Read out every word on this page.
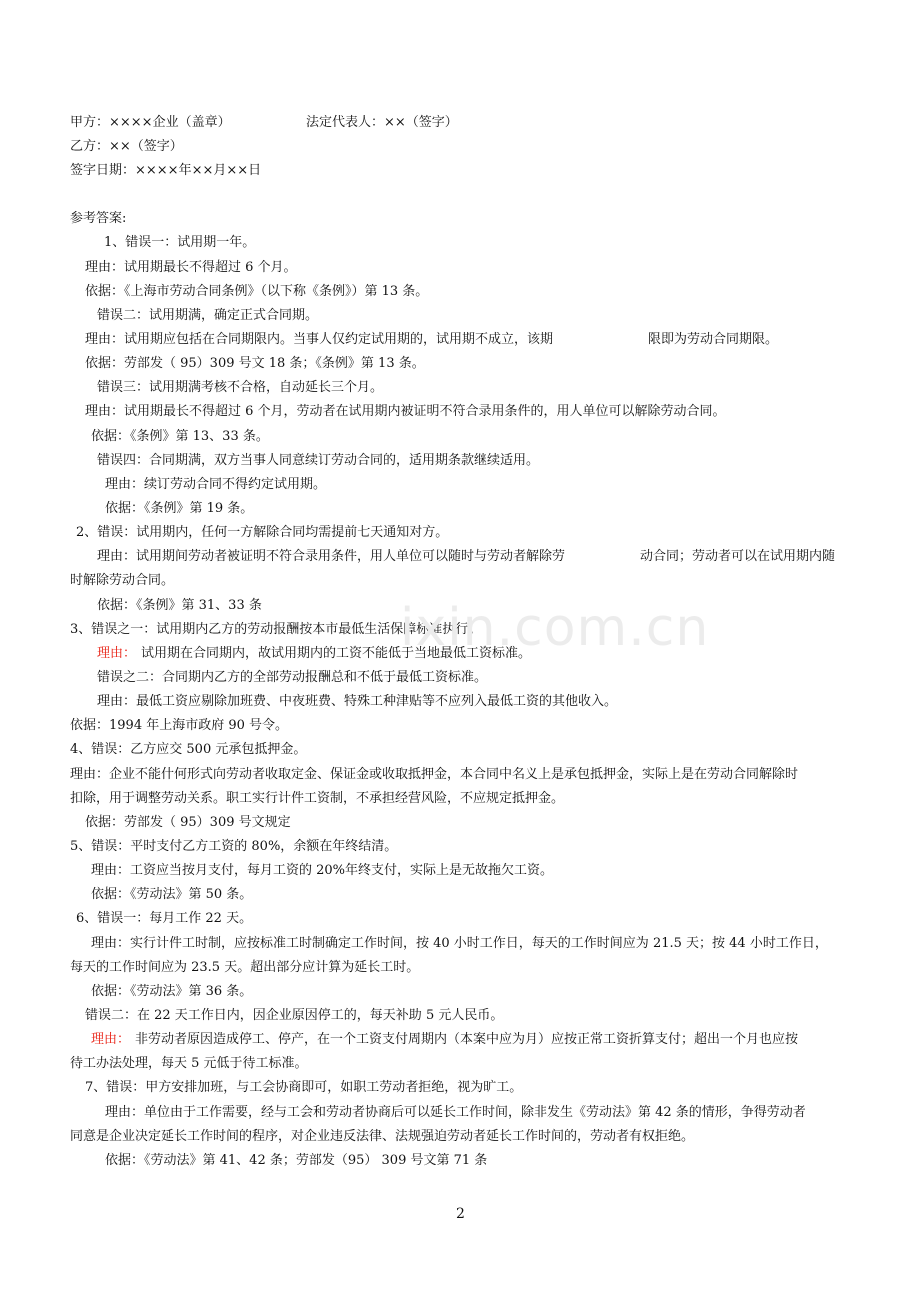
甲方：××××企业（盖章）	法定代表人：××（签字）
乙方：××（签字）
签字日期：××××年××月××日
参考答案:
1、错误一：试用期一年。
理由：试用期最长不得超过 6 个月。
依据：《上海市劳动合同条例》（以下称《条例》）第 13 条。
错误二：试用期满，确定正式合同期。
理由：试用期应包括在合同期限内。当事人仅约定试用期的，试用期不成立，该期	限即为劳动合同期限。
依据：劳部发（ 95）309 号文 18 条；《条例》第 13 条。
错误三：试用期满考核不合格，自动延长三个月。
理由：试用期最长不得超过 6 个月，劳动者在试用期内被证明不符合录用条件的，用人单位可以解除劳动合同。
依据：《条例》第 13、33 条。
错误四：合同期满，双方当事人同意续订劳动合同的，适用期条款继续适用。
理由：续订劳动合同不得约定试用期。
依据：《条例》第 19 条。
2、错误：试用期内，任何一方解除合同均需提前七天通知对方。
理由：试用期间劳动者被证明不符合录用条件，用人单位可以随时与劳动者解除劳	动合同；劳动者可以在试用期内随
时解除劳动合同。
依据：《条例》第 31、33 条
3、错误之一：试用期内乙方的劳动报酬按本市最低生活保障标准执行。
理由： 试用期在合同期内，故试用期内的工资不能低于当地最低工资标准。
错误之二：合同期内乙方的全部劳动报酬总和不低于最低工资标准。
理由：最低工资应剔除加班费、中夜班费、特殊工种津贴等不应列入最低工资的其他收入。
依据：1994 年上海市政府 90 号令。
4、错误：乙方应交 500 元承包抵押金。
理由：企业不能什何形式向劳动者收取定金、保证金或收取抵押金，本合同中名义上是承包抵押金，实际上是在劳动合同解除时
扣除，用于调整劳动关系。职工实行计件工资制，不承担经营风险，不应规定抵押金。
依据：劳部发（ 95）309 号文规定
5、错误：平时支付乙方工资的 80%，余额在年终结清。
理由：工资应当按月支付，每月工资的 20%年终支付，实际上是无故拖欠工资。
依据：《劳动法》第 50 条。
6、错误一：每月工作 22 天。
理由：实行计件工时制，应按标准工时制确定工作时间，按 40 小时工作日，每天的工作时间应为 21.5 天；按 44 小时工作日，
每天的工作时间应为 23.5 天。超出部分应计算为延长工时。
依据：《劳动法》第 36 条。
错误二：在 22 天工作日内，因企业原因停工的，每天补助 5 元人民币。
理由： 非劳动者原因造成停工、停产，在一个工资支付周期内（本案中应为月）应按正常工资折算支付；超出一个月也应按
待工办法处理，每天 5 元低于待工标准。
7、错误：甲方安排加班，与工会协商即可，如职工劳动者拒绝，视为旷工。
理由：单位由于工作需要，经与工会和劳动者协商后可以延长工作时间，除非发生《劳动法》第 42 条的情形，争得劳动者
同意是企业决定延长工作时间的程序，对企业违反法律、法规强迫劳动者延长工作时间的，劳动者有权拒绝。
依据：《劳动法》第 41、42 条；劳部发（95） 309 号文第 71 条
ixin.com.cn
2
